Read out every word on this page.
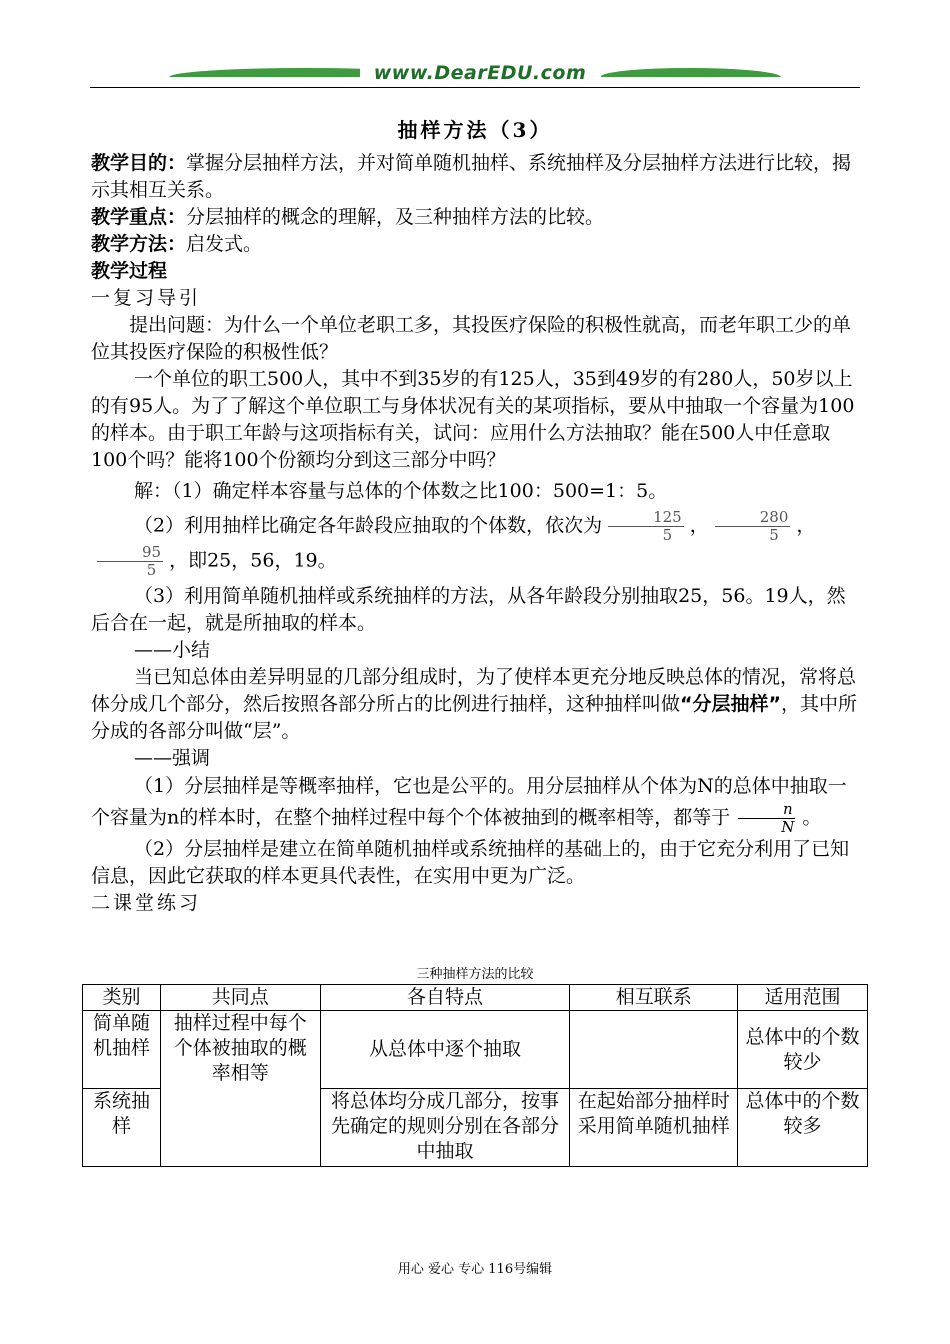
www.DearEDU.com
抽样方法（3）

教学目的：掌握分层抽样方法，并对简单随机抽样、系统抽样及分层抽样方法进行比较，揭示其相互关系。

教学重点：分层抽样的概念的理解，及三种抽样方法的比较。

教学方法：启发式。

教学过程

一复习导引

提出问题：为什么一个单位老职工多，其投医疗保险的积极性就高，而老年职工少的单位其投医疗保险的积极性低？

一个单位的职工500人，其中不到35岁的有125人，35到49岁的有280人，50岁以上的有95人。为了了解这个单位职工与身体状况有关的某项指标，要从中抽取一个容量为100的样本。由于职工年龄与这项指标有关，试问：应用什么方法抽取？能在500人中任意取100个吗？能将100个份额均分到这三部分中吗？

解：（1）确定样本容量与总体的个体数之比100：500=1：5。

（2）利用抽样比确定各年龄段应抽取的个体数，依次为 $\frac{125}{5}$ ， $\frac{280}{5}$ ，
$\frac{95}{5}$ ，即25，56，19。

（3）利用简单随机抽样或系统抽样的方法，从各年龄段分别抽取25，56。19人，然后合在一起，就是所抽取的样本。

——小结

当已知总体由差异明显的几部分组成时，为了使样本更充分地反映总体的情况，常将总体分成几个部分，然后按照各部分所占的比例进行抽样，这种抽样叫做“分层抽样”，其中所分成的各部分叫做“层”。

——强调

（1）分层抽样是等概率抽样，它也是公平的。用分层抽样从个体为N的总体中抽取一个容量为n的样本时，在整个抽样过程中每个个体被抽到的概率相等，都等于 $\frac{n}{N}$ 。

（2）分层抽样是建立在简单随机抽样或系统抽样的基础上的，由于它充分利用了已知信息，因此它获取的样本更具代表性，在实用中更为广泛。

二课堂练习

三种抽样方法的比较
类别	共同点	各自特点	相互联系	适用范围
简单随机抽样	抽样过程中每个个体被抽取的概率相等	从总体中逐个抽取		总体中的个数较少
系统抽样		将总体均分成几部分，按事先确定的规则分别在各部分中抽取	在起始部分抽样时采用简单随机抽样	总体中的个数较多
用心 爱心 专心 116号编辑
